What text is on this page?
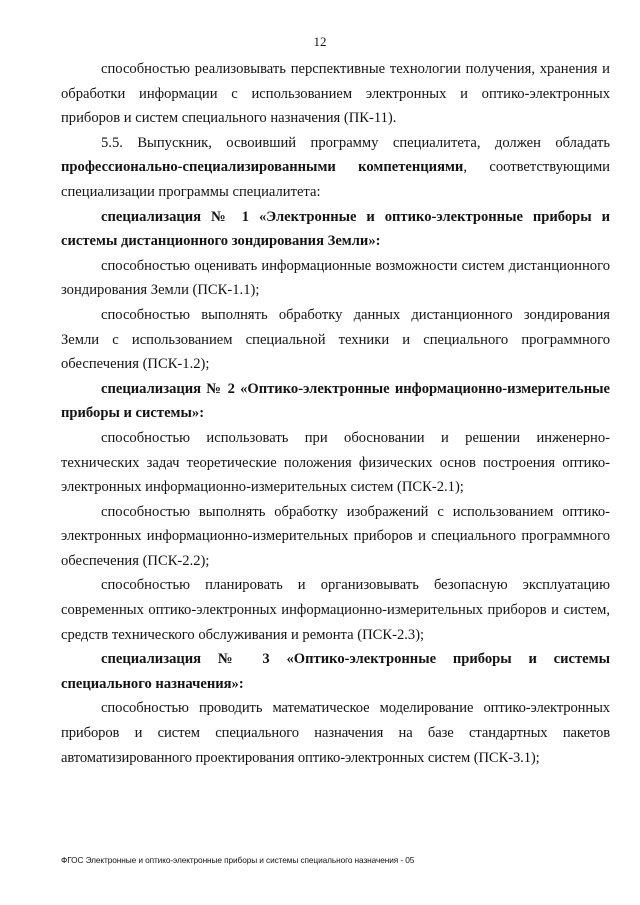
12

способностью реализовывать перспективные технологии получения, хранения и обработки информации с использованием электронных и оптико-электронных приборов и систем специального назначения (ПК-11).

5.5. Выпускник, освоивший программу специалитета, должен обладать профессионально-специализированными компетенциями, соответствующими специализации программы специалитета:

специализация № 1 «Электронные и оптико-электронные приборы и системы дистанционного зондирования Земли»:

способностью оценивать информационные возможности систем дистанционного зондирования Земли (ПСК-1.1);

способностью выполнять обработку данных дистанционного зондирования Земли с использованием специальной техники и специального программного обеспечения (ПСК-1.2);

специализация № 2 «Оптико-электронные информационно-измерительные приборы и системы»:

способностью использовать при обосновании и решении инженерно-технических задач теоретические положения физических основ построения оптико-электронных информационно-измерительных систем (ПСК-2.1);

способностью выполнять обработку изображений с использованием оптико-электронных информационно-измерительных приборов и специального программного обеспечения (ПСК-2.2);

способностью планировать и организовывать безопасную эксплуатацию современных оптико-электронных информационно-измерительных приборов и систем, средств технического обслуживания и ремонта (ПСК-2.3);

специализация № 3 «Оптико-электронные приборы и системы специального назначения»:

способностью проводить математическое моделирование оптико-электронных приборов и систем специального назначения на базе стандартных пакетов автоматизированного проектирования оптико-электронных систем (ПСК-3.1);

ФГОС Электронные и оптико-электронные приборы и системы специального назначения - 05
